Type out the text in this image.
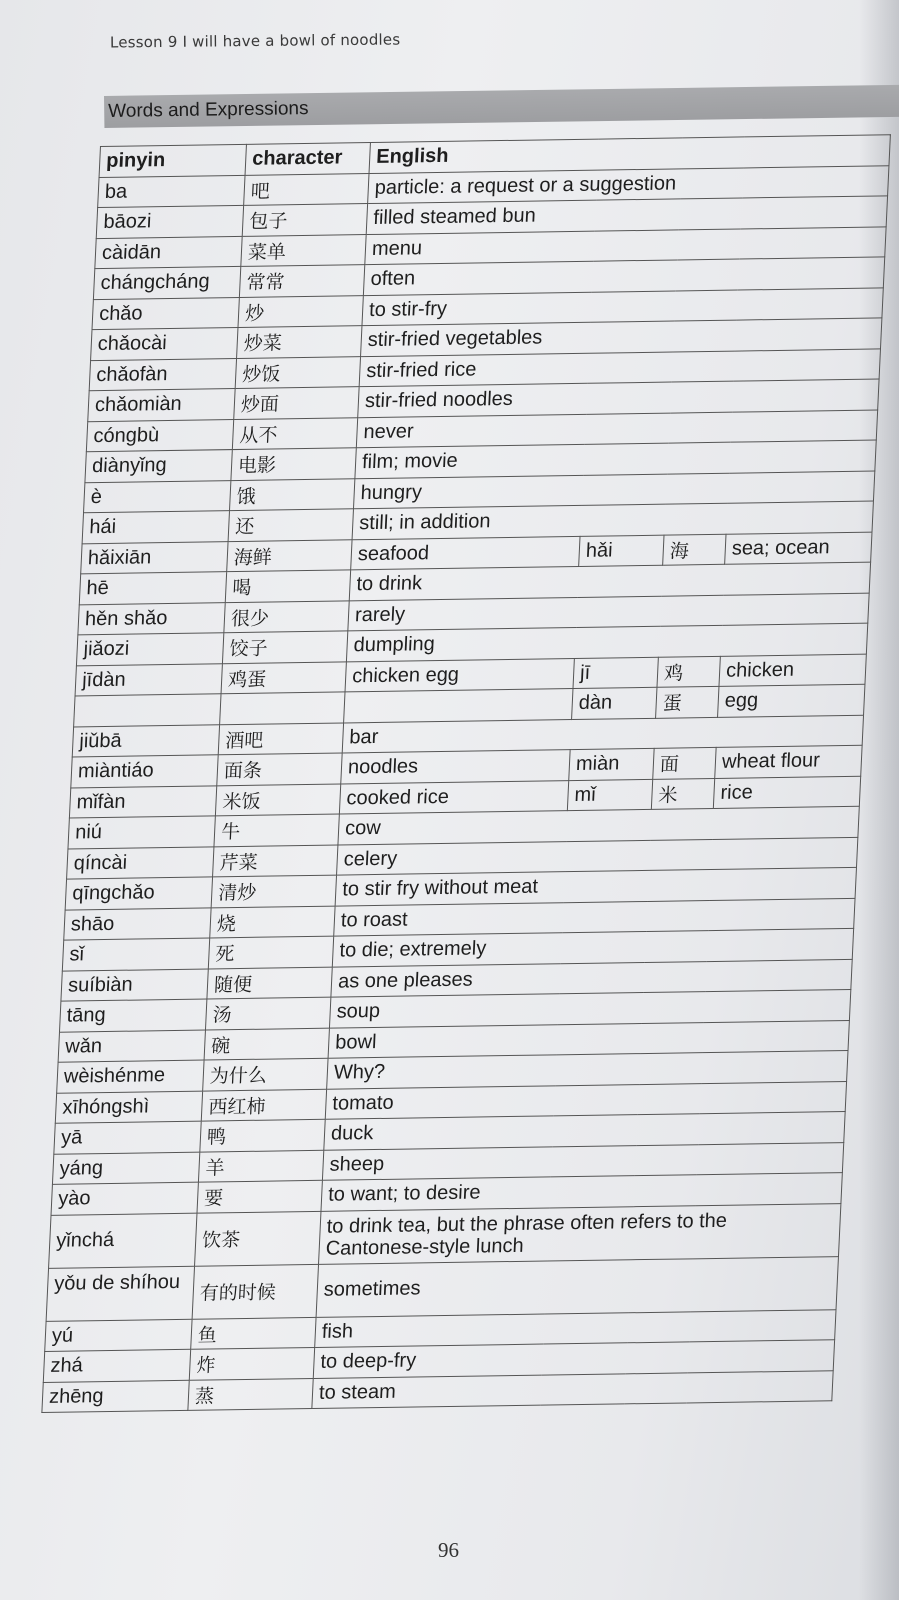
Lesson 9 I will have a bowl of noodles
Words and Expressions
pinyin	character	English			
ba	吧	particle: a request or a suggestion			
bāozi	包子	filled steamed bun			
càidān	菜单	menu			
chángcháng	常常	often			
chǎo	炒	to stir-fry			
chǎocài	炒菜	stir-fried vegetables			
chǎofàn	炒饭	stir-fried rice			
chǎomiàn	炒面	stir-fried noodles			
cóngbù	从不	never			
diànyǐng	电影	film; movie			
è	饿	hungry			
hái	还	still; in addition			
hǎixiān	海鲜	seafood	hǎi	海	sea; ocean
hē	喝	to drink			
hěn shǎo	很少	rarely			
jiǎozi	饺子	dumpling			
jīdàn	鸡蛋	chicken egg	jī	鸡	chicken
			dàn	蛋	egg
jiǔbā	酒吧	bar			
miàntiáo	面条	noodles	miàn	面	wheat flour
mǐfàn	米饭	cooked rice	mǐ	米	rice
niú	牛	cow			
qíncài	芹菜	celery			
qīngchǎo	清炒	to stir fry without meat			
shāo	烧	to roast			
sǐ	死	to die; extremely			
suíbiàn	随便	as one pleases			
tāng	汤	soup			
wǎn	碗	bowl			
wèishénme	为什么	Why?			
xīhóngshì	西红柿	tomato			
yā	鸭	duck			
yáng	羊	sheep			
yào	要	to want; to desire			
yǐnchá	饮茶	to drink tea, but the phrase often refers to the Cantonese-style lunch			
yǒu de shíhou	有的时候	sometimes			
yú	鱼	fish			
zhá	炸	to deep-fry			
zhēng	蒸	to steam			
96
